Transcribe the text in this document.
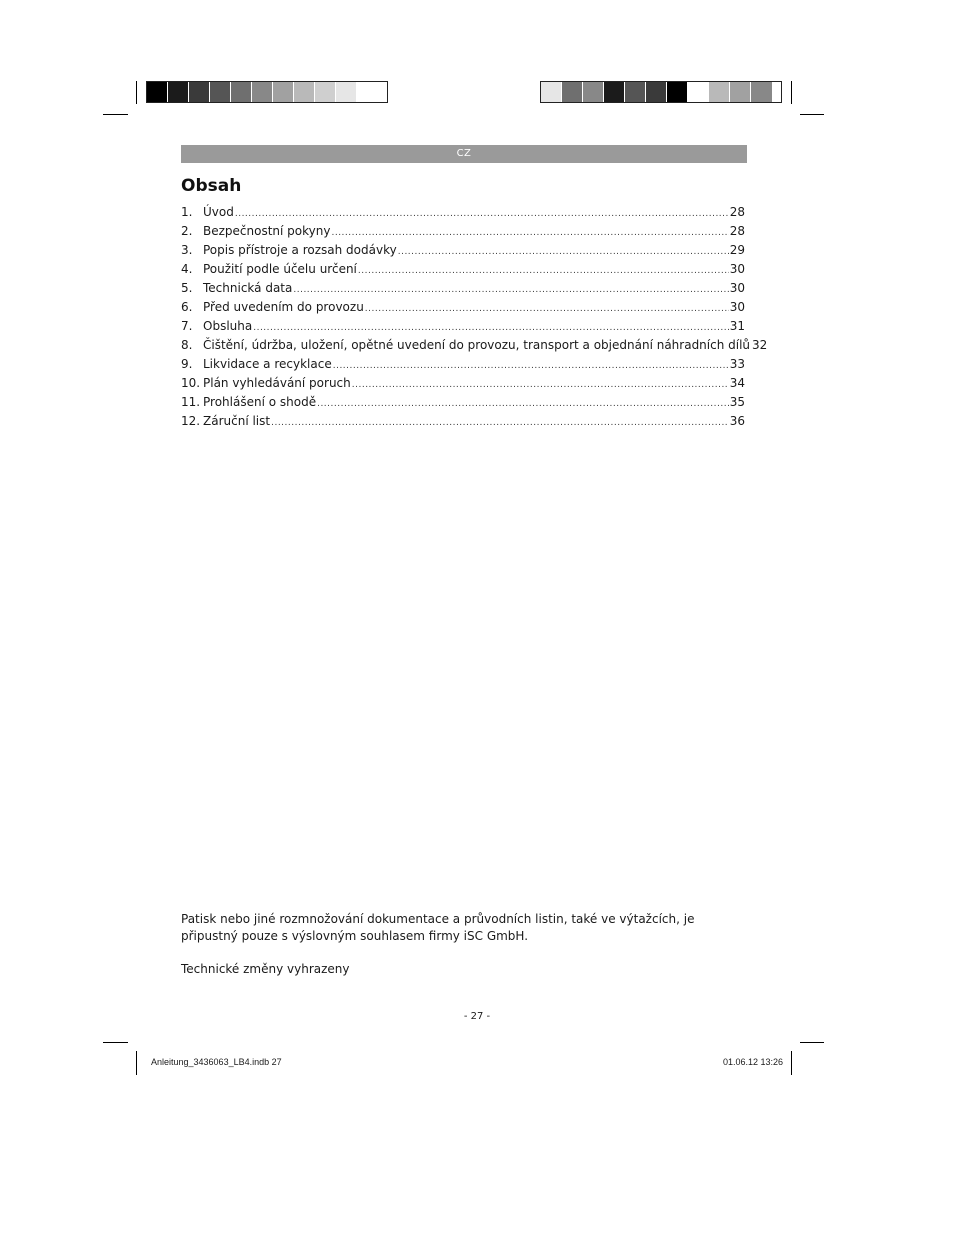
CZ
Obsah
1. Úvod .....	28
2. Bezpečnostní pokyny .....	28
3. Popis přístroje a rozsah dodávky .....	29
4. Použití podle účelu určení .....	30
5. Technická data .....	30
6. Před uvedením do provozu .....	30
7. Obsluha .....	31
8. Čištění, údržba, uložení, opětné uvedení do provozu, transport a objednání náhradních dílů 32
9. Likvidace a recyklace .....	33
10. Plán vyhledávání poruch .....	34
11. Prohlášení o shodě .....	35
12. Záruční list .....	36

Patisk nebo jiné rozmnožování dokumentace a průvodních listin, také ve výtažcích, je připustný pouze s výslovným souhlasem firmy iSC GmbH.

Technické změny vyhrazeny

- 27 -
Anleitung_3436063_LB4.indb 27	01.06.12 13:26
